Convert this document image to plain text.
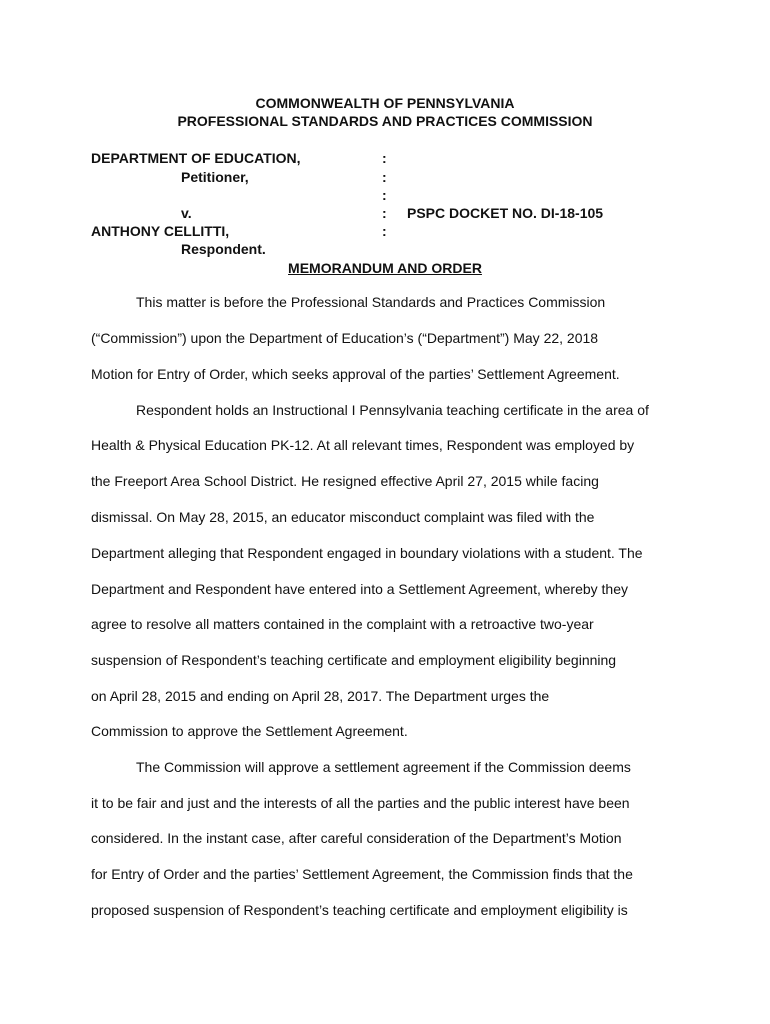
COMMONWEALTH OF PENNSYLVANIA
PROFESSIONAL STANDARDS AND PRACTICES COMMISSION
DEPARTMENT OF EDUCATION,
Petitioner,
v.
ANTHONY CELLITTI,
Respondent.
:
:
:
:
:
PSPC DOCKET NO. DI-18-105
MEMORANDUM AND ORDER
This matter is before the Professional Standards and Practices Commission
(“Commission”) upon the Department of Education’s (“Department”) May 22, 2018
Motion for Entry of Order, which seeks approval of the parties’ Settlement Agreement.
Respondent holds an Instructional I Pennsylvania teaching certificate in the area of
Health & Physical Education PK-12. At all relevant times, Respondent was employed by
the Freeport Area School District. He resigned effective April 27, 2015 while facing
dismissal. On May 28, 2015, an educator misconduct complaint was filed with the
Department alleging that Respondent engaged in boundary violations with a student. The
Department and Respondent have entered into a Settlement Agreement, whereby they
agree to resolve all matters contained in the complaint with a retroactive two-year
suspension of Respondent’s teaching certificate and employment eligibility beginning
on April 28, 2015 and ending on April 28, 2017. The Department urges the
Commission to approve the Settlement Agreement.
The Commission will approve a settlement agreement if the Commission deems
it to be fair and just and the interests of all the parties and the public interest have been
considered. In the instant case, after careful consideration of the Department’s Motion
for Entry of Order and the parties’ Settlement Agreement, the Commission finds that the
proposed suspension of Respondent’s teaching certificate and employment eligibility is
